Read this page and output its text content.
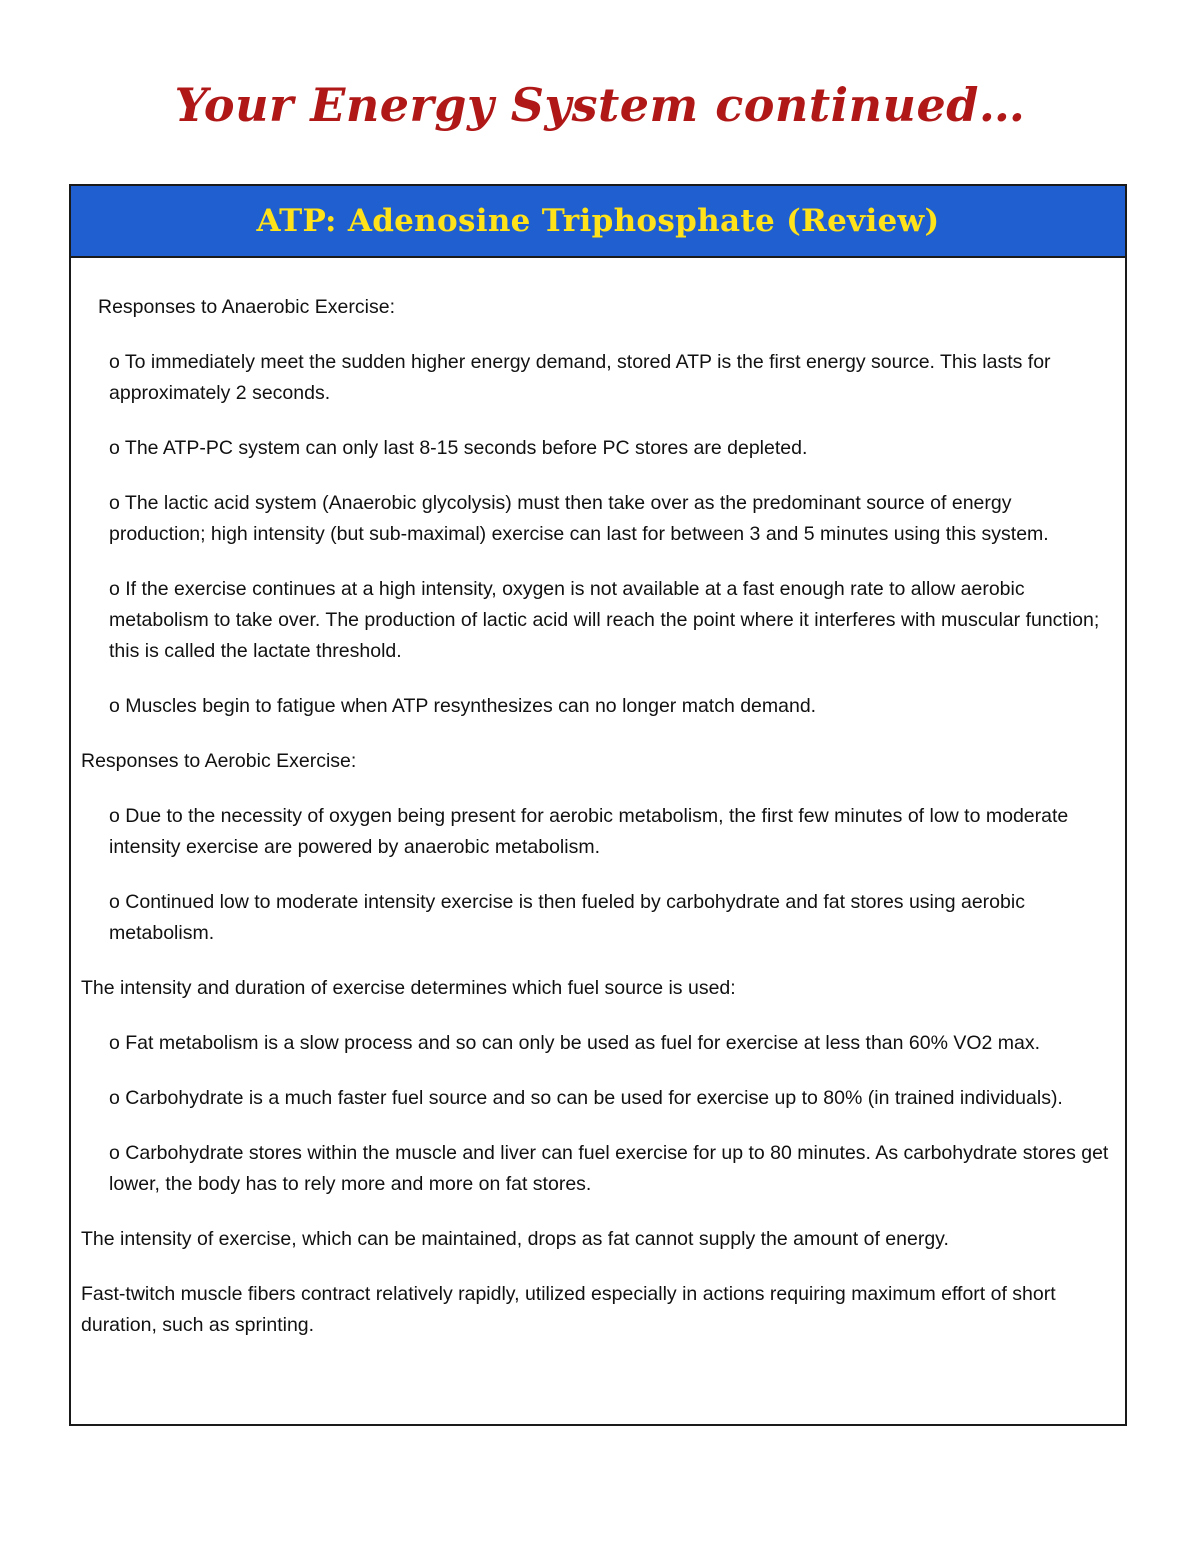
Your Energy System continued…
ATP: Adenosine Triphosphate (Review)

Responses to Anaerobic Exercise:

o To immediately meet the sudden higher energy demand, stored ATP is the first energy source. This lasts for approximately 2 seconds.

o The ATP-PC system can only last 8-15 seconds before PC stores are depleted.

o The lactic acid system (Anaerobic glycolysis) must then take over as the predominant source of energy production; high intensity (but sub-maximal) exercise can last for between 3 and 5 minutes using this system.

o If the exercise continues at a high intensity, oxygen is not available at a fast enough rate to allow aerobic metabolism to take over. The production of lactic acid will reach the point where it interferes with muscular function; this is called the lactate threshold.

o Muscles begin to fatigue when ATP resynthesizes can no longer match demand.

Responses to Aerobic Exercise:

o Due to the necessity of oxygen being present for aerobic metabolism, the first few minutes of low to moderate intensity exercise are powered by anaerobic metabolism.

o Continued low to moderate intensity exercise is then fueled by carbohydrate and fat stores using aerobic metabolism.

The intensity and duration of exercise determines which fuel source is used:

o Fat metabolism is a slow process and so can only be used as fuel for exercise at less than 60% VO2 max.

o Carbohydrate is a much faster fuel source and so can be used for exercise up to 80% (in trained individuals).

o Carbohydrate stores within the muscle and liver can fuel exercise for up to 80 minutes. As carbohydrate stores get lower, the body has to rely more and more on fat stores.

The intensity of exercise, which can be maintained, drops as fat cannot supply the amount of energy.

Fast-twitch muscle fibers contract relatively rapidly, utilized especially in actions requiring maximum effort of short duration, such as sprinting.
